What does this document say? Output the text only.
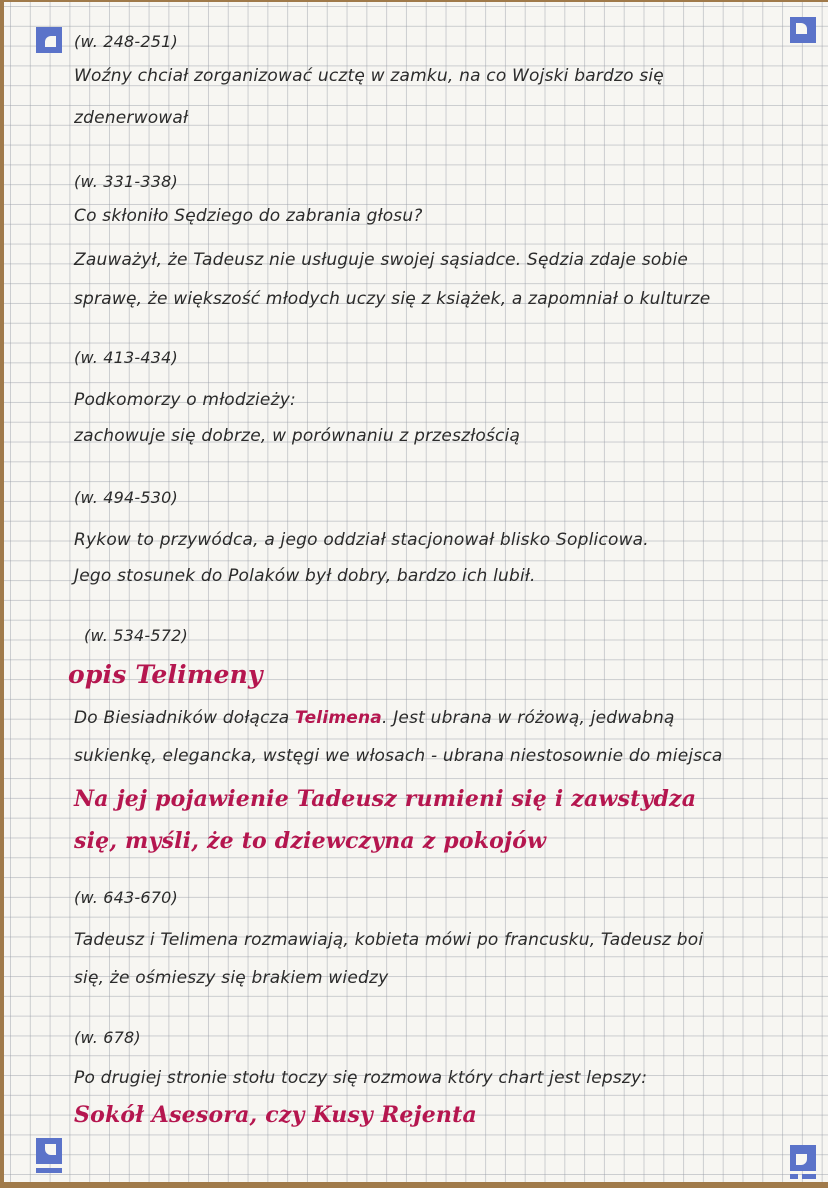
(w. 248-251)
Woźny chciał zorganizować ucztę w zamku, na co Wojski bardzo się
zdenerwował
(w. 331-338)
Co skłoniło Sędziego do zabrania głosu?
Zauważył, że Tadeusz nie usługuje swojej sąsiadce. Sędzia zdaje sobie
sprawę, że większość młodych uczy się z książek, a zapomniał o kulturze
(w. 413-434)
Podkomorzy o młodzieży:
zachowuje się dobrze, w porównaniu z przeszłością
(w. 494-530)
Rykow to przywódca, a jego oddział stacjonował blisko Soplicowa.
Jego stosunek do Polaków był dobry, bardzo ich lubił.
(w. 534-572)
opis Telimeny
Do Biesiadników dołącza Telimena. Jest ubrana w różową, jedwabną
sukienkę, elegancka, wstęgi we włosach - ubrana niestosownie do miejsca
Na jej pojawienie Tadeusz rumieni się i zawstydza
się, myśli, że to dziewczyna z pokojów
(w. 643-670)
Tadeusz i Telimena rozmawiają, kobieta mówi po francusku, Tadeusz boi
się, że ośmieszy się brakiem wiedzy
(w. 678)
Po drugiej stronie stołu toczy się rozmowa który chart jest lepszy:
Sokół Asesora, czy Kusy Rejenta
